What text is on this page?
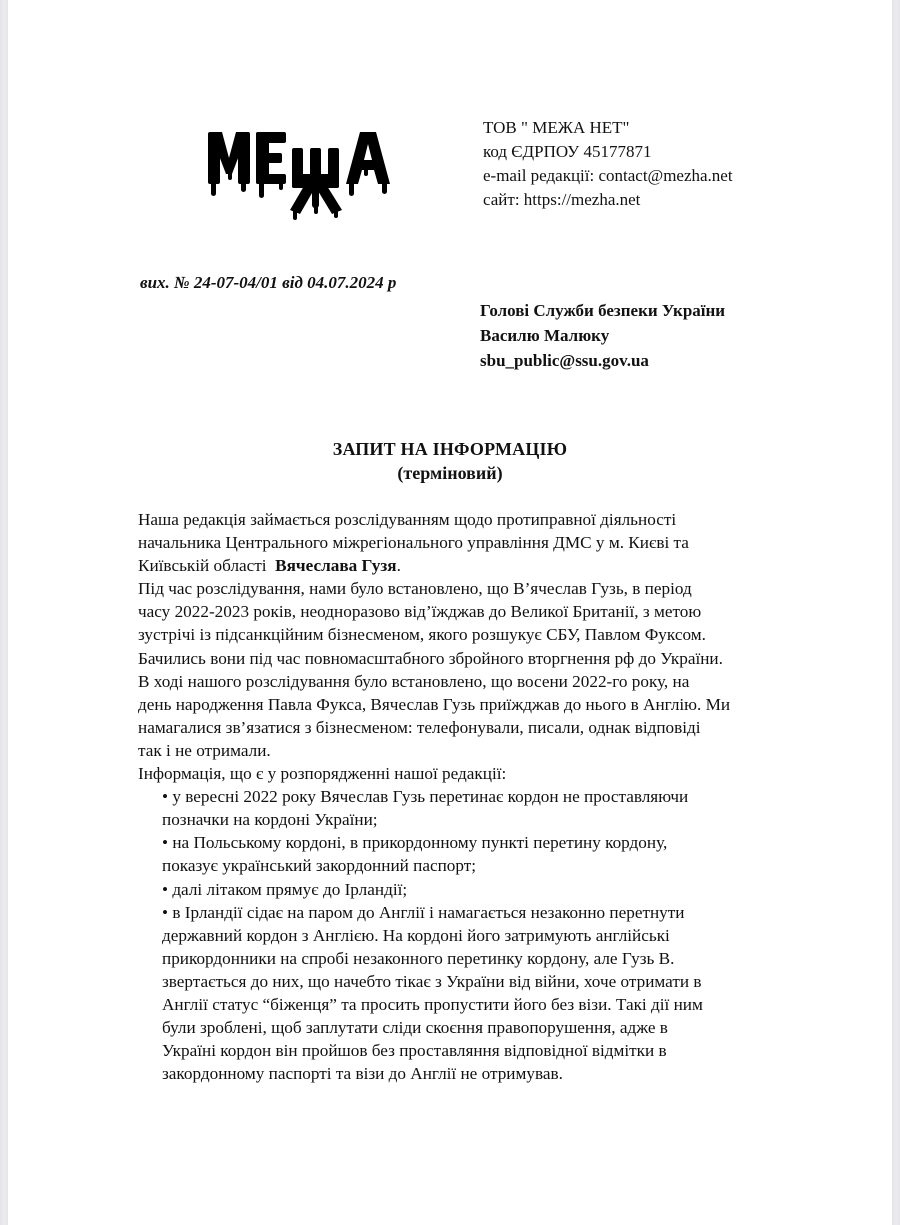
ТОВ " МЕЖА НЕТ"
код ЄДРПОУ 45177871
e-mail редакції: contact@mezha.net
сайт: https://mezha.net
вих. № 24-07-04/01 від 04.07.2024 р
Голові Служби безпеки України
Василю Малюку
sbu_public@ssu.gov.ua
ЗАПИТ НА ІНФОРМАЦІЮ
(терміновий)
Наша редакція займається розслідуванням щодо протиправної діяльності
начальника Центрального міжрегіонального управління ДМС у м. Києві та
Київській області  Вячеслава Гузя.
Під час розслідування, нами було встановлено, що В’ячеслав Гузь, в період
часу 2022-2023 років, неодноразово від’їжджав до Великої Британії, з метою
зустрічі із підсанкційним бізнесменом, якого розшукує СБУ, Павлом Фуксом.
Бачились вони під час повномасштабного збройного вторгнення рф до України.
В ході нашого розслідування було встановлено, що восени 2022-го року, на
день народження Павла Фукса, Вячеслав Гузь приїжджав до нього в Англію. Ми
намагалися зв’язатися з бізнесменом: телефонували, писали, однак відповіді
так і не отримали.
Інформація, що є у розпорядженні нашої редакції:
• у вересні 2022 року Вячеслав Гузь перетинає кордон не проставляючи
позначки на кордоні України;
• на Польському кордоні, в прикордонному пункті перетину кордону,
показує український закордонний паспорт;
• далі літаком прямує до Ірландії;
• в Ірландії сідає на паром до Англії і намагається незаконно перетнути
державний кордон з Англією. На кордоні його затримують англійські
прикордонники на спробі незаконного перетинку кордону, але Гузь В.
звертається до них, що начебто тікає з України від війни, хоче отримати в
Англії статус “біженця” та просить пропустити його без візи. Такі дії ним
були зроблені, щоб заплутати сліди скоєння правопорушення, адже в
Україні кордон він пройшов без проставляння відповідної відмітки в
закордонному паспорті та візи до Англії не отримував.
